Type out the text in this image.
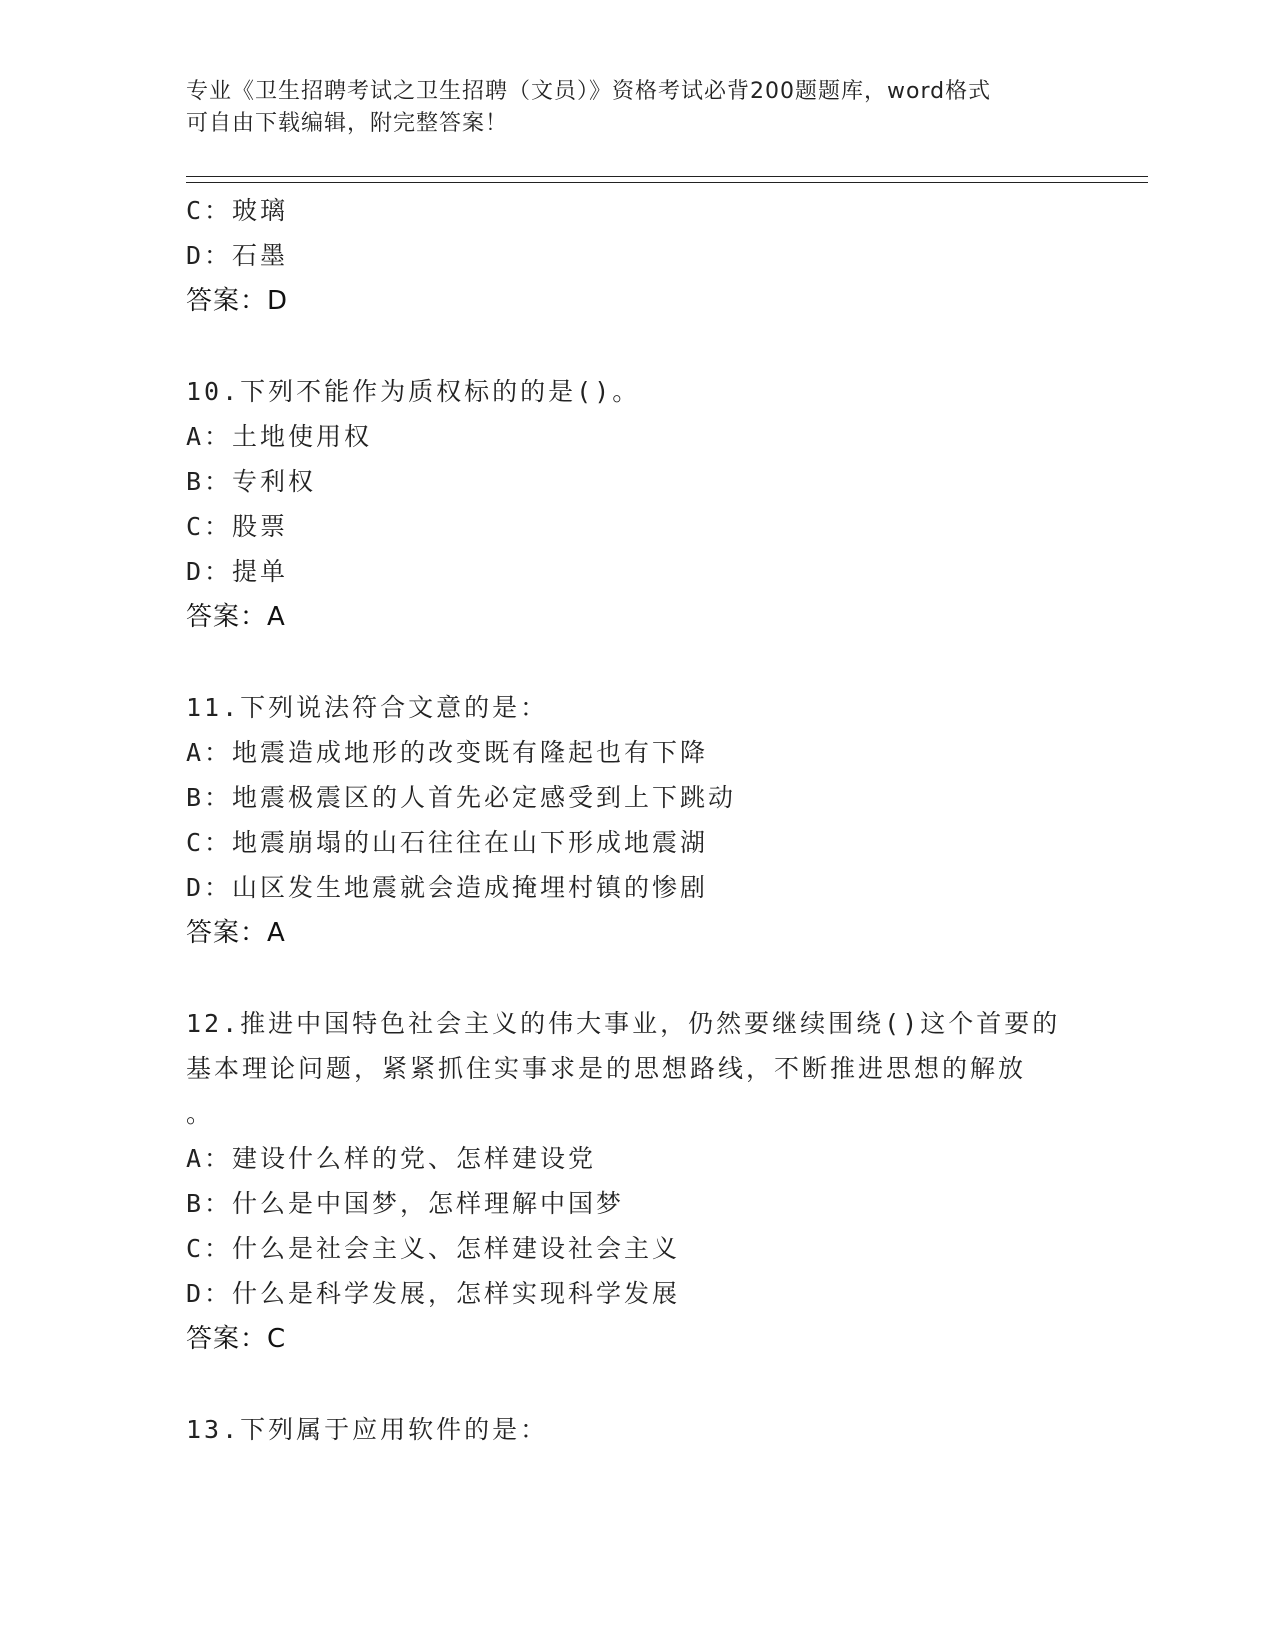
专业《卫生招聘考试之卫生招聘（文员）》资格考试必背200题题库，word格式
可自由下载编辑，附完整答案！
C：玻璃
D：石墨
答案：D
10.下列不能作为质权标的的是()。
A：土地使用权
B：专利权
C：股票
D：提单
答案：A
11.下列说法符合文意的是：
A：地震造成地形的改变既有隆起也有下降
B：地震极震区的人首先必定感受到上下跳动
C：地震崩塌的山石往往在山下形成地震湖
D：山区发生地震就会造成掩埋村镇的惨剧
答案：A
12.推进中国特色社会主义的伟大事业，仍然要继续围绕()这个首要的
基本理论问题，紧紧抓住实事求是的思想路线，不断推进思想的解放
。
A：建设什么样的党、怎样建设党
B：什么是中国梦，怎样理解中国梦
C：什么是社会主义、怎样建设社会主义
D：什么是科学发展，怎样实现科学发展
答案：C
13.下列属于应用软件的是：
